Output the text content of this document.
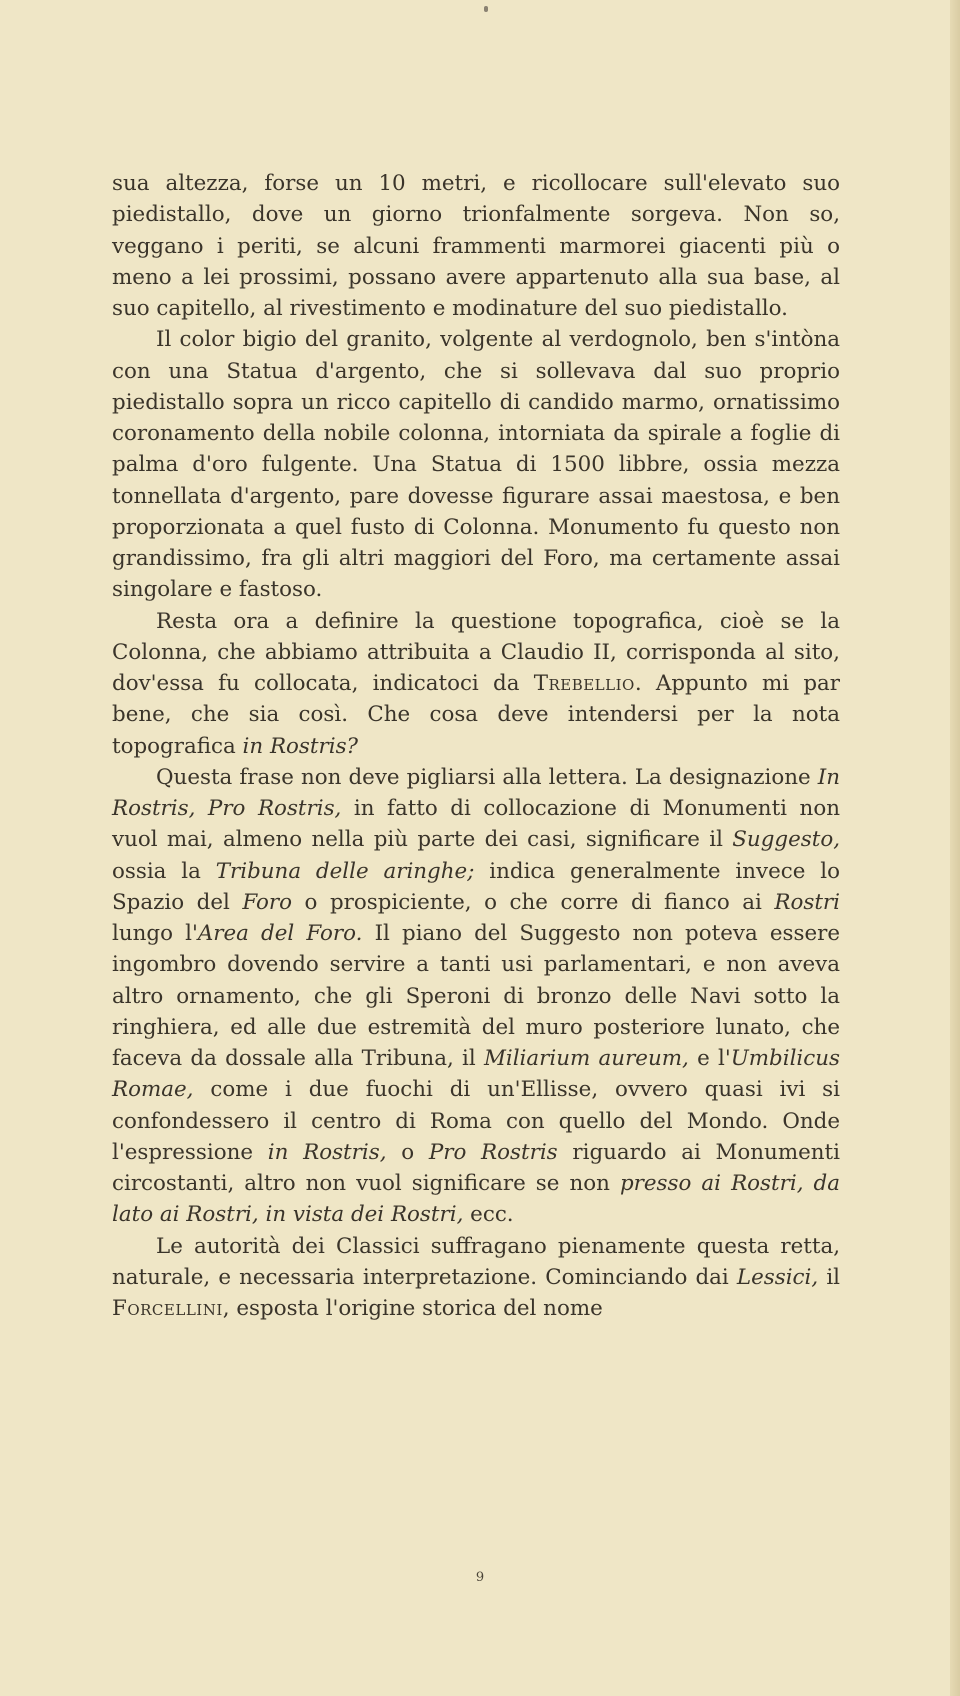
sua altezza, forse un 10 metri, e ricollocare sull'elevato suo piedistallo, dove un giorno trionfalmente sorgeva. Non so, veggano i periti, se alcuni frammenti marmorei giacenti più o meno a lei prossimi, possano avere appartenuto alla sua base, al suo capitello, al rivestimento e modinature del suo piedistallo.

Il color bigio del granito, volgente al verdognolo, ben s'intòna con una Statua d'argento, che si sollevava dal suo proprio piedistallo sopra un ricco capitello di candido marmo, ornatissimo coronamento della nobile colonna, intorniata da spirale a foglie di palma d'oro fulgente. Una Statua di 1500 libbre, ossia mezza tonnellata d'argento, pare dovesse figurare assai maestosa, e ben proporzionata a quel fusto di Colonna. Monumento fu questo non grandissimo, fra gli altri maggiori del Foro, ma certamente assai singolare e fastoso.

Resta ora a definire la questione topografica, cioè se la Colonna, che abbiamo attribuita a Claudio II, corrisponda al sito, dov'essa fu collocata, indicatoci da Trebellio. Appunto mi par bene, che sia così. Che cosa deve intendersi per la nota topografica in Rostris?

Questa frase non deve pigliarsi alla lettera. La designazione In Rostris, Pro Rostris, in fatto di collocazione di Monumenti non vuol mai, almeno nella più parte dei casi, significare il Suggesto, ossia la Tribuna delle aringhe; indica generalmente invece lo Spazio del Foro o prospiciente, o che corre di fianco ai Rostri lungo l'Area del Foro. Il piano del Suggesto non poteva essere ingombro dovendo servire a tanti usi parlamentari, e non aveva altro ornamento, che gli Speroni di bronzo delle Navi sotto la ringhiera, ed alle due estremità del muro posteriore lunato, che faceva da dossale alla Tribuna, il Miliarium aureum, e l'Umbilicus Romae, come i due fuochi di un'Ellisse, ovvero quasi ivi si confondessero il centro di Roma con quello del Mondo. Onde l'espressione in Rostris, o Pro Rostris riguardo ai Monumenti circostanti, altro non vuol significare se non presso ai Rostri, da lato ai Rostri, in vista dei Rostri, ecc.

Le autorità dei Classici suffragano pienamente questa retta, naturale, e necessaria interpretazione. Cominciando dai Lessici, il Forcellini, esposta l'origine storica del nome

9
